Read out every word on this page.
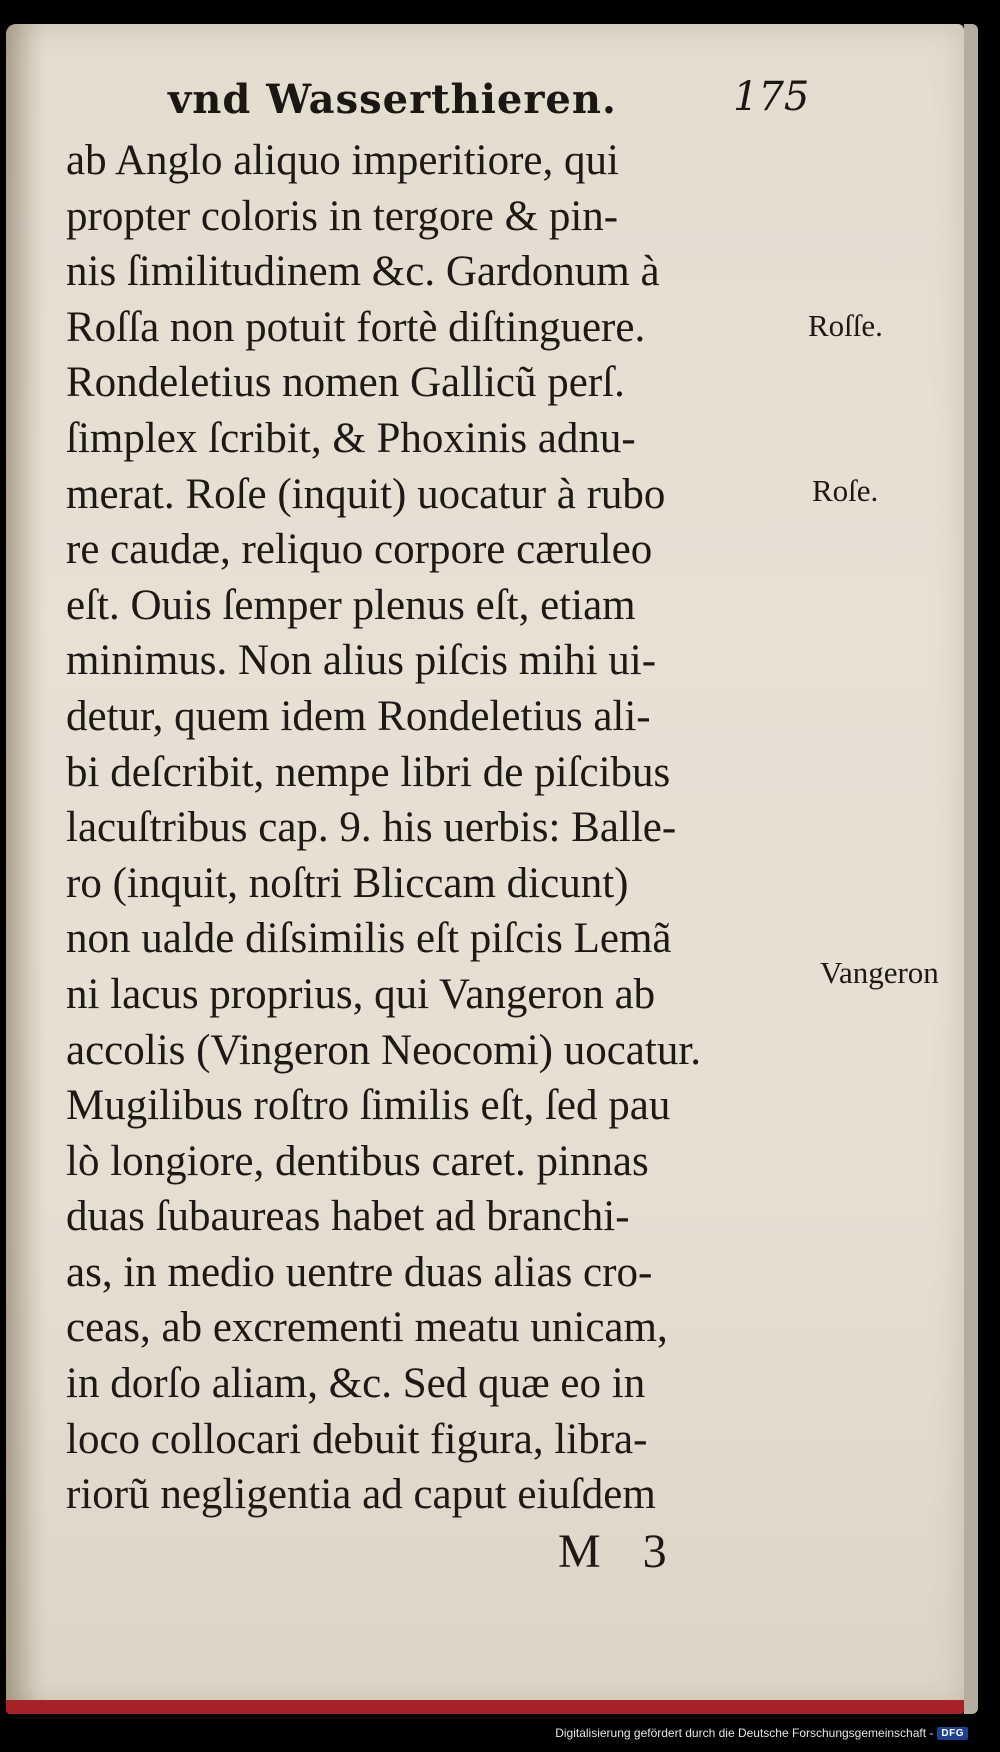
vnd Wasserthieren.	175
ab Anglo aliquo imperitiore, qui
propter coloris in tergore & pin-
nis ſimilitudinem &c. Gardonum à
Roſſa non potuit fortè diſtinguere.
Rondeletius nomen Gallicũ perſ.
ſimplex ſcribit, & Phoxinis adnu-
merat. Roſe (inquit) uocatur à rubo
re caudæ, reliquo corpore cæruleo
eſt. Ouis ſemper plenus eſt, etiam
minimus. Non alius piſcis mihi ui-
detur, quem idem Rondeletius ali-
bi deſcribit, nempe libri de piſcibus
lacuſtribus cap. 9. his uerbis: Balle-
ro (inquit, noſtri Bliccam dicunt)
non ualde diſsimilis eſt piſcis Lemã
ni lacus proprius, qui Vangeron ab
accolis (Vingeron Neocomi) uocatur.
Mugilibus roſtro ſimilis eſt, ſed pau
lò longiore, dentibus caret. pinnas
duas ſubaureas habet ad branchi-
as, in medio uentre duas alias cro-
ceas, ab excrementi meatu unicam,
in dorſo aliam, &c. Sed quæ eo in
loco collocari debuit figura, libra-
riorũ negligentia ad caput eiuſdem
Roſſe.
Roſe.
Vangeron
M 3
Digitalisierung gefördert durch die Deutsche Forschungsgemeinschaft - DFG
